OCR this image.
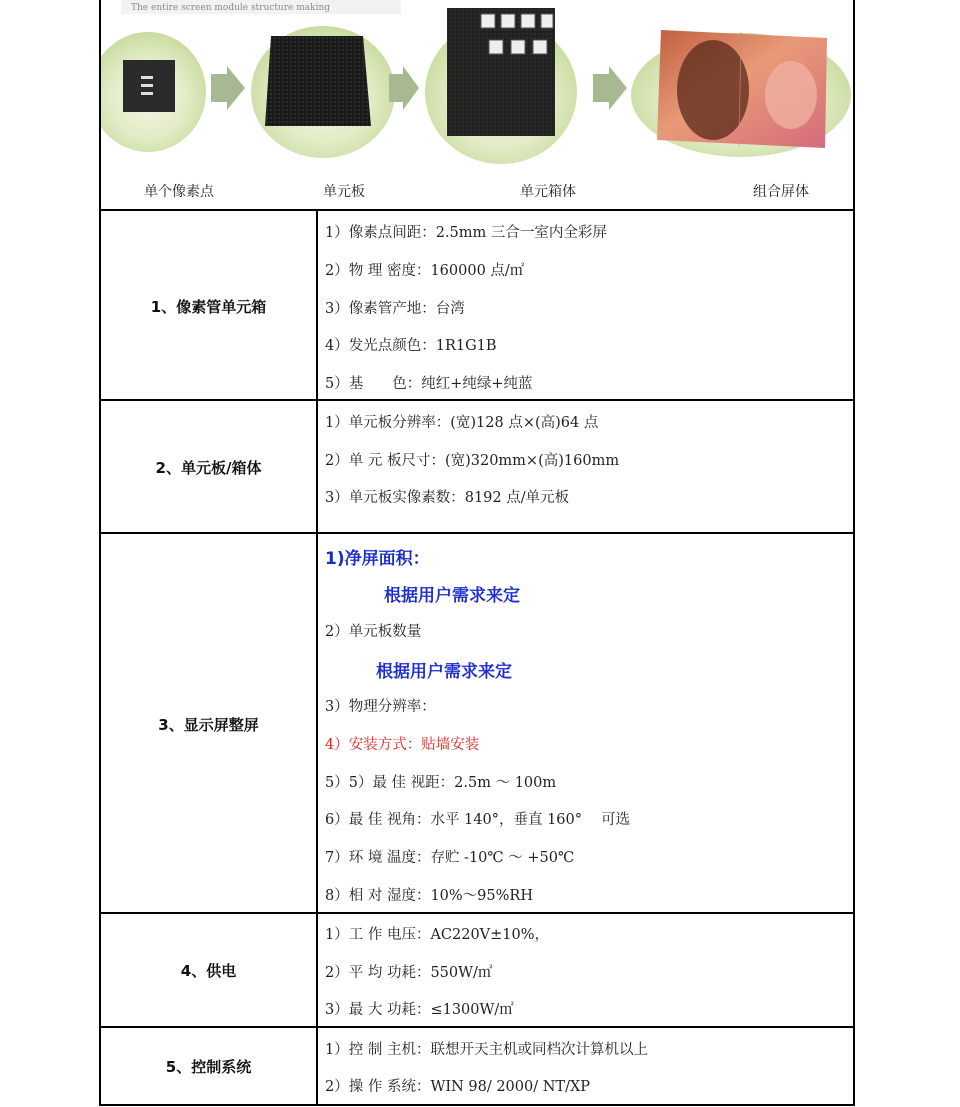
The entire screen module structure making
单个像素点	单元板	单元箱体	组合屏体
1、像素管单元箱
1）像素点间距：2.5mm 三合一室内全彩屏
2）物 理 密度：160000 点/㎡
3）像素管产地：台湾
4）发光点颜色：1R1G1B
5）基　　色：纯红+纯绿+纯蓝
2、单元板/箱体
1）单元板分辨率：(宽)128 点×(高)64 点
2）单 元 板尺寸：(宽)320mm×(高)160mm
3）单元板实像素数：8192 点/单元板
3、显示屏整屏
1)净屏面积：
根据用户需求来定
2）单元板数量
根据用户需求来定
3）物理分辨率：
4）安装方式：贴墙安装
5）5）最 佳 视距：2.5m ～ 100m
6）最 佳 视角：水平 140°，垂直 160°　 可选
7）环 境 温度：存贮 -10℃ ～ +50℃
8）相 对 湿度：10%～95%RH
4、供电
1）工 作 电压：AC220V±10%，
2）平 均 功耗：550W/㎡
3）最 大 功耗：≤1300W/㎡
5、控制系统
1）控 制 主机：联想开天主机或同档次计算机以上
2）操 作 系统：WIN 98/ 2000/ NT/XP
